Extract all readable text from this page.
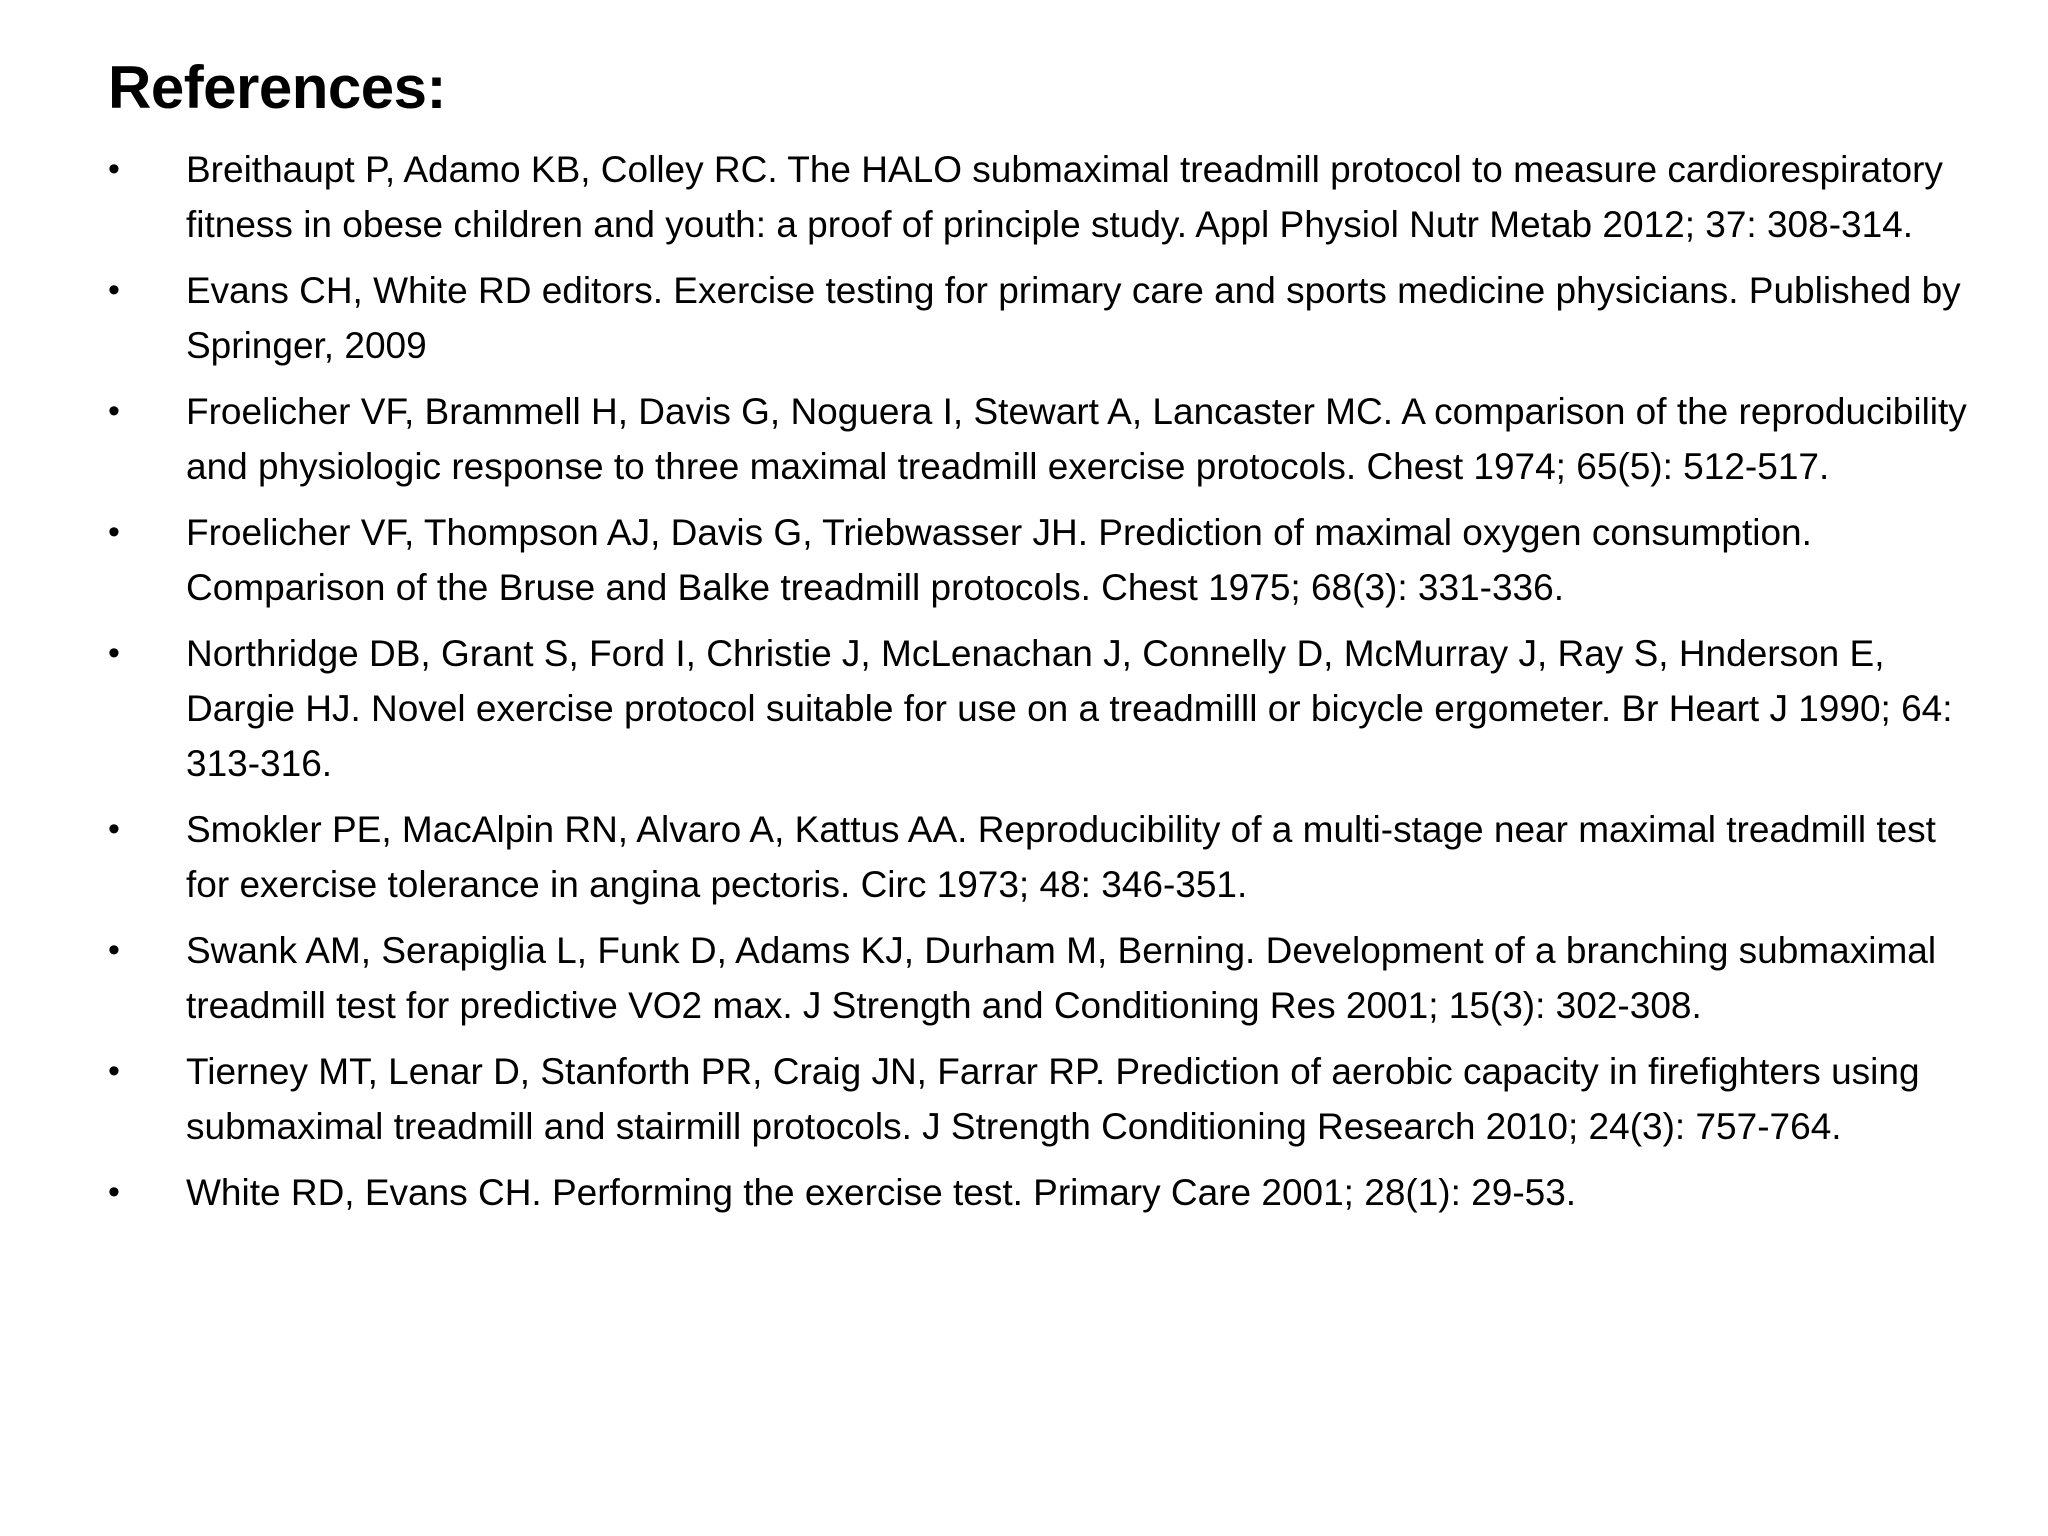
References:
•	Breithaupt P, Adamo KB, Colley RC. The HALO submaximal treadmill protocol to measure cardiorespiratory fitness in obese children and youth: a proof of principle study. Appl Physiol Nutr Metab 2012; 37: 308-314.
•	Evans CH, White RD editors. Exercise testing for primary care and sports medicine physicians. Published by Springer, 2009
•	Froelicher VF, Brammell H, Davis G, Noguera I, Stewart A, Lancaster MC. A comparison of the reproducibility and physiologic response to three maximal treadmill exercise protocols. Chest 1974; 65(5): 512-517.
•	Froelicher VF, Thompson AJ, Davis G, Triebwasser JH. Prediction of maximal oxygen consumption. Comparison of the Bruse and Balke treadmill protocols. Chest 1975; 68(3): 331-336.
•	Northridge DB, Grant S, Ford I, Christie J, McLenachan J, Connelly D, McMurray J, Ray S, Hnderson E, Dargie HJ. Novel exercise protocol suitable for use on a treadmilll or bicycle ergometer. Br Heart J 1990; 64: 313-316.
•	Smokler PE, MacAlpin RN, Alvaro A, Kattus AA. Reproducibility of a multi-stage near maximal treadmill test for exercise tolerance in angina pectoris. Circ 1973; 48: 346-351.
•	Swank AM, Serapiglia L, Funk D, Adams KJ, Durham M, Berning. Development of a branching submaximal treadmill test for predictive VO2 max. J Strength and Conditioning Res 2001; 15(3): 302-308.
•	Tierney MT, Lenar D, Stanforth PR, Craig JN, Farrar RP. Prediction of aerobic capacity in firefighters using submaximal treadmill and stairmill protocols. J Strength Conditioning Research 2010; 24(3): 757-764.
•	White RD, Evans CH. Performing the exercise test. Primary Care 2001; 28(1): 29-53.
